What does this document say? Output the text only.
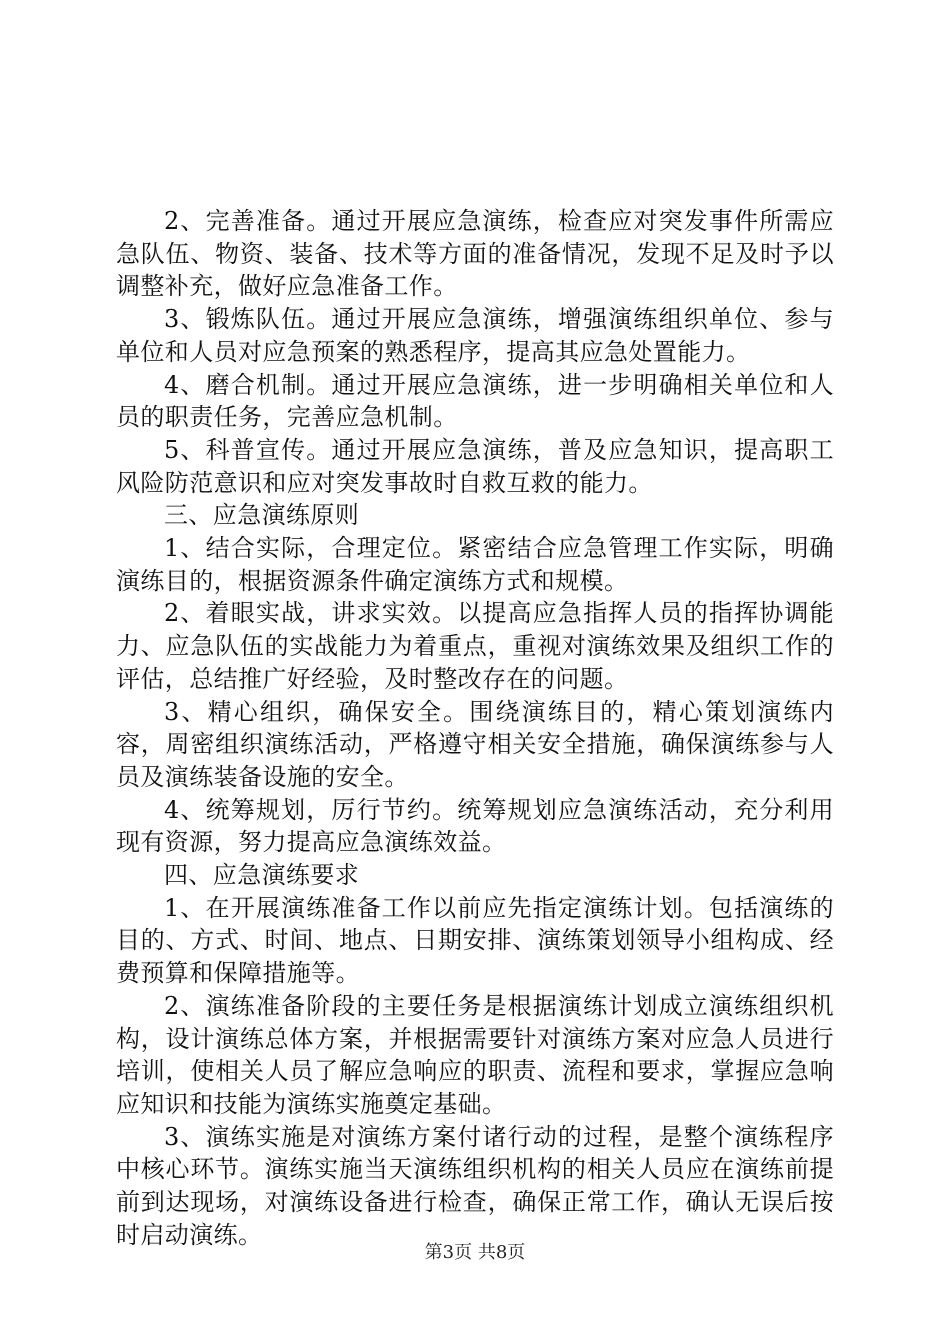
2、完善准备。通过开展应急演练，检查应对突发事件所需应急队伍、物资、装备、技术等方面的准备情况，发现不足及时予以调整补充，做好应急准备工作。

3、锻炼队伍。通过开展应急演练，增强演练组织单位、参与单位和人员对应急预案的熟悉程序，提高其应急处置能力。

4、磨合机制。通过开展应急演练，进一步明确相关单位和人员的职责任务，完善应急机制。

5、科普宣传。通过开展应急演练，普及应急知识，提高职工风险防范意识和应对突发事故时自救互救的能力。

三、应急演练原则

1、结合实际，合理定位。紧密结合应急管理工作实际，明确演练目的，根据资源条件确定演练方式和规模。

2、着眼实战，讲求实效。以提高应急指挥人员的指挥协调能力、应急队伍的实战能力为着重点，重视对演练效果及组织工作的评估，总结推广好经验，及时整改存在的问题。

3、精心组织，确保安全。围绕演练目的，精心策划演练内容，周密组织演练活动，严格遵守相关安全措施，确保演练参与人员及演练装备设施的安全。

4、统筹规划，厉行节约。统筹规划应急演练活动，充分利用现有资源，努力提高应急演练效益。

四、应急演练要求

1、在开展演练准备工作以前应先指定演练计划。包括演练的目的、方式、时间、地点、日期安排、演练策划领导小组构成、经费预算和保障措施等。

2、演练准备阶段的主要任务是根据演练计划成立演练组织机构，设计演练总体方案，并根据需要针对演练方案对应急人员进行培训，使相关人员了解应急响应的职责、流程和要求，掌握应急响应知识和技能为演练实施奠定基础。

3、演练实施是对演练方案付诸行动的过程，是整个演练程序中核心环节。演练实施当天演练组织机构的相关人员应在演练前提前到达现场，对演练设备进行检查，确保正常工作，确认无误后按时启动演练。

第3页 共8页
